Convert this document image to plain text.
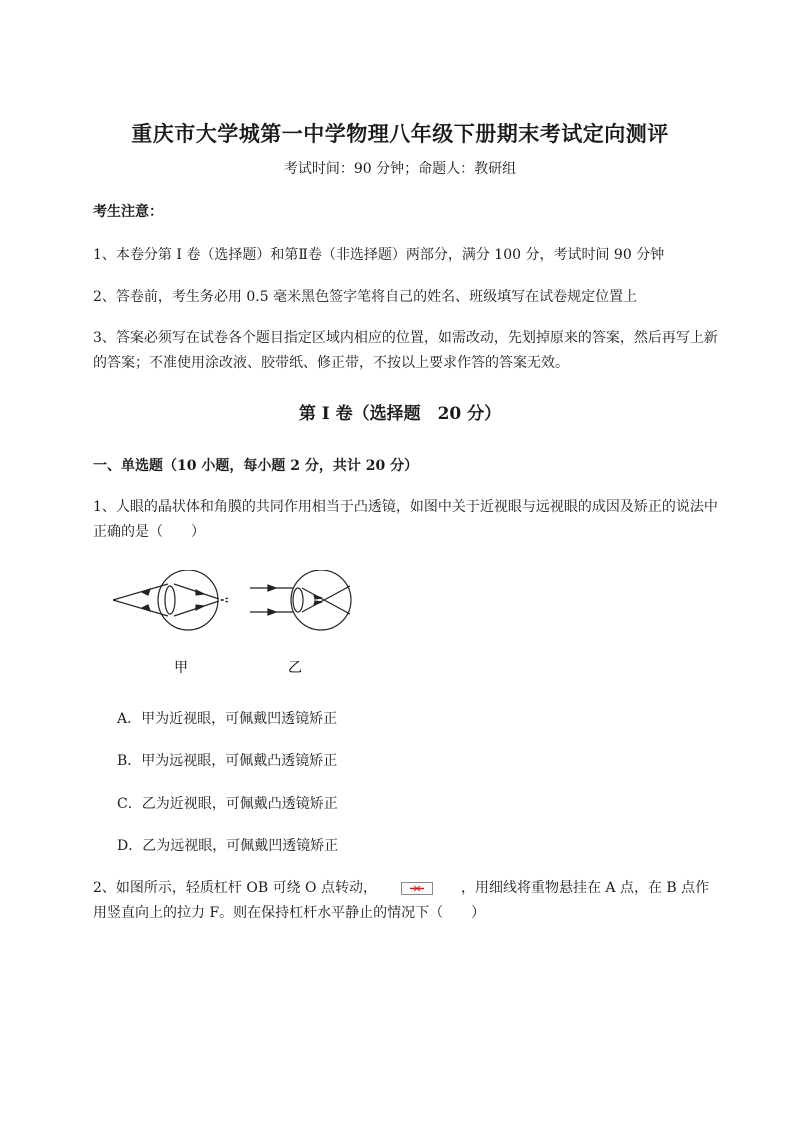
重庆市大学城第一中学物理八年级下册期末考试定向测评
考试时间：90 分钟；命题人：教研组
考生注意：
1、本卷分第 I 卷（选择题）和第Ⅱ卷（非选择题）两部分，满分 100 分，考试时间 90 分钟
2、答卷前，考生务必用 0.5 毫米黑色签字笔将自己的姓名、班级填写在试卷规定位置上
3、答案必须写在试卷各个题目指定区域内相应的位置，如需改动，先划掉原来的答案，然后再写上新的答案；不准使用涂改液、胶带纸、修正带，不按以上要求作答的答案无效。
第 I 卷（选择题　20 分）
一、单选题（10 小题，每小题 2 分，共计 20 分）
1、人眼的晶状体和角膜的共同作用相当于凸透镜，如图中关于近视眼与远视眼的成因及矫正的说法中正确的是（　　）
甲	乙
A．甲为近视眼，可佩戴凹透镜矫正
B．甲为远视眼，可佩戴凸透镜矫正
C．乙为近视眼，可佩戴凸透镜矫正
D．乙为远视眼，可佩戴凹透镜矫正
2、如图所示，轻质杠杆 OB 可绕 O 点转动，	，用细线将重物悬挂在 A 点，在 B 点作用竖直向上的拉力 F。则在保持杠杆水平静止的情况下（　　）
